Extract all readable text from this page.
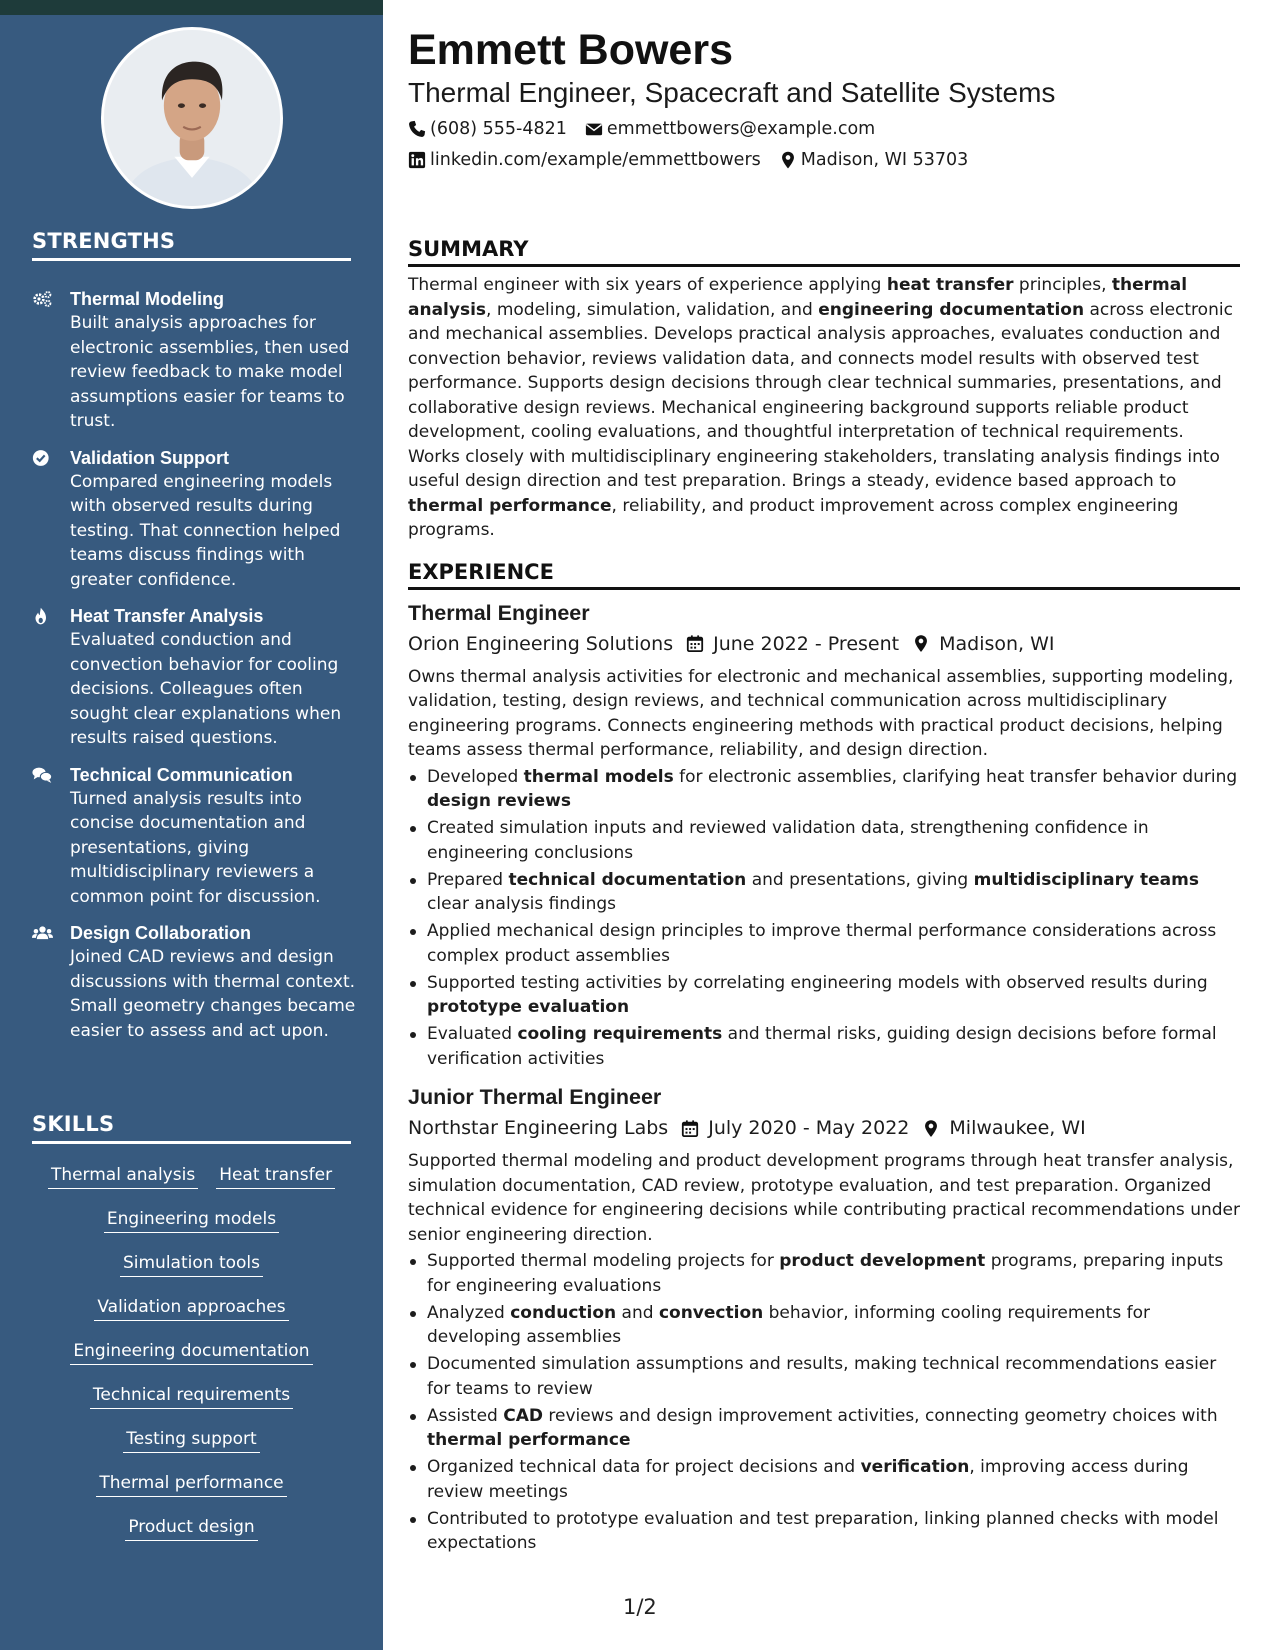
STRENGTHS
Thermal Modeling
Built analysis approaches for electronic assemblies, then used review feedback to make model assumptions easier for teams to trust.
Validation Support
Compared engineering models with observed results during testing. That connection helped teams discuss findings with greater confidence.
Heat Transfer Analysis
Evaluated conduction and convection behavior for cooling decisions. Colleagues often sought clear explanations when results raised questions.
Technical Communication
Turned analysis results into concise documentation and presentations, giving multidisciplinary reviewers a common point for discussion.
Design Collaboration
Joined CAD reviews and design discussions with thermal context. Small geometry changes became easier to assess and act upon.
SKILLS
Thermal analysis Heat transfer
Engineering models
Simulation tools
Validation approaches
Engineering documentation
Technical requirements
Testing support
Thermal performance
Product design
Emmett Bowers
Thermal Engineer, Spacecraft and Satellite Systems
(608) 555-4821 emmettbowers@example.com
linkedin.com/example/emmettbowers Madison, WI 53703
SUMMARY
Thermal engineer with six years of experience applying heat transfer principles, thermal analysis, modeling, simulation, validation, and engineering documentation across electronic and mechanical assemblies. Develops practical analysis approaches, evaluates conduction and convection behavior, reviews validation data, and connects model results with observed test performance. Supports design decisions through clear technical summaries, presentations, and collaborative design reviews. Mechanical engineering background supports reliable product development, cooling evaluations, and thoughtful interpretation of technical requirements. Works closely with multidisciplinary engineering stakeholders, translating analysis findings into useful design direction and test preparation. Brings a steady, evidence based approach to thermal performance, reliability, and product improvement across complex engineering programs.
EXPERIENCE
Thermal Engineer
Orion Engineering Solutions June 2022 - Present Madison, WI
Owns thermal analysis activities for electronic and mechanical assemblies, supporting modeling, validation, testing, design reviews, and technical communication across multidisciplinary engineering programs. Connects engineering methods with practical product decisions, helping teams assess thermal performance, reliability, and design direction.
Developed thermal models for electronic assemblies, clarifying heat transfer behavior during design reviews
Created simulation inputs and reviewed validation data, strengthening confidence in engineering conclusions
Prepared technical documentation and presentations, giving multidisciplinary teams clear analysis findings
Applied mechanical design principles to improve thermal performance considerations across complex product assemblies
Supported testing activities by correlating engineering models with observed results during prototype evaluation
Evaluated cooling requirements and thermal risks, guiding design decisions before formal verification activities
Junior Thermal Engineer
Northstar Engineering Labs July 2020 - May 2022 Milwaukee, WI
Supported thermal modeling and product development programs through heat transfer analysis, simulation documentation, CAD review, prototype evaluation, and test preparation. Organized technical evidence for engineering decisions while contributing practical recommendations under senior engineering direction.
Supported thermal modeling projects for product development programs, preparing inputs for engineering evaluations
Analyzed conduction and convection behavior, informing cooling requirements for developing assemblies
Documented simulation assumptions and results, making technical recommendations easier for teams to review
Assisted CAD reviews and design improvement activities, connecting geometry choices with thermal performance
Organized technical data for project decisions and verification, improving access during review meetings
Contributed to prototype evaluation and test preparation, linking planned checks with model expectations
1/2
